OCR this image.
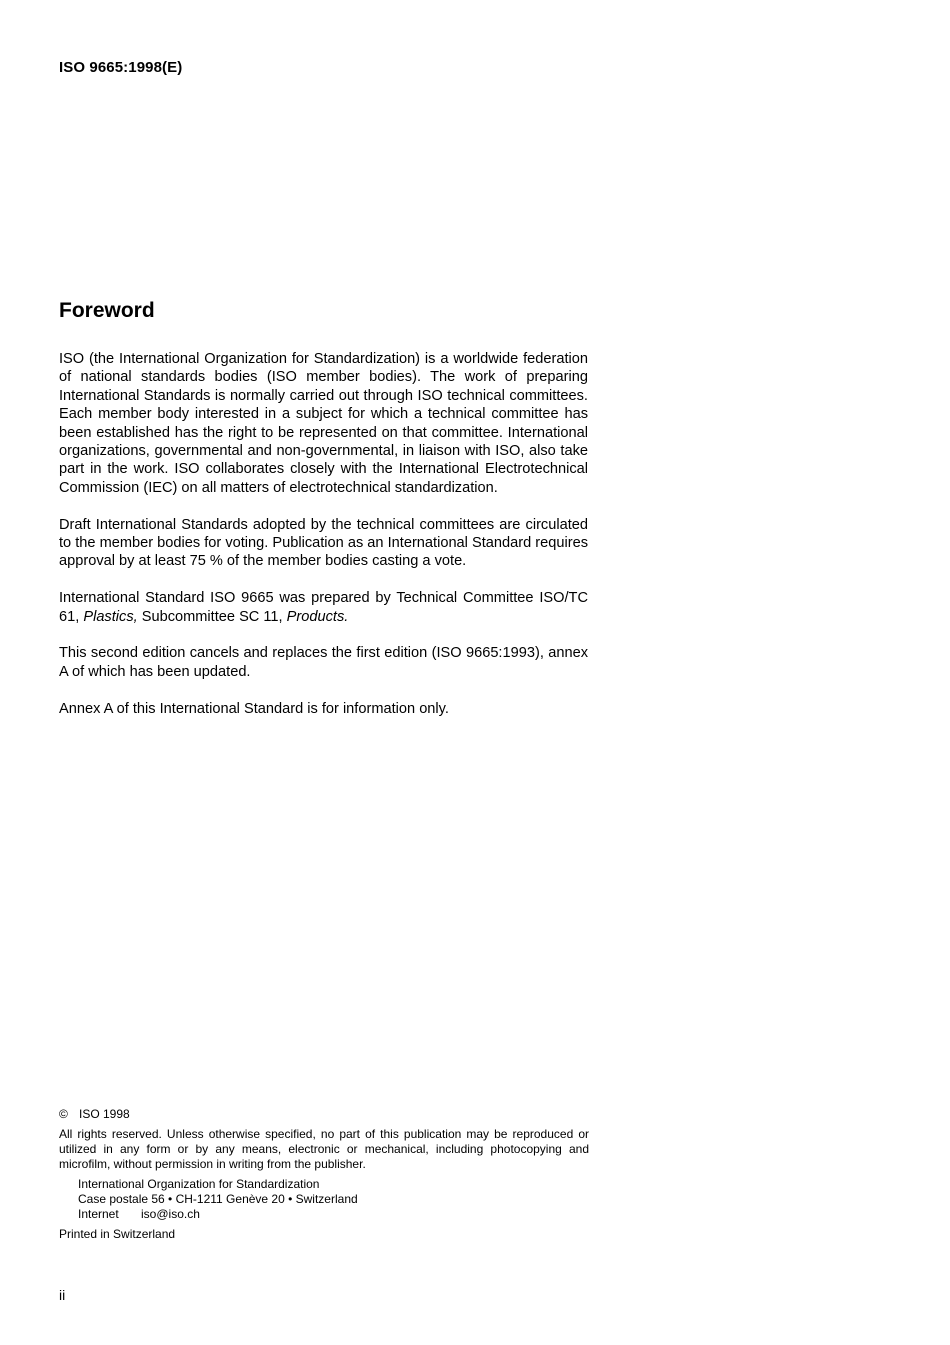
ISO 9665:1998(E)
Foreword

ISO (the International Organization for Standardization) is a worldwide federation of national standards bodies (ISO member bodies). The work of preparing International Standards is normally carried out through ISO technical committees. Each member body interested in a subject for which a technical committee has been established has the right to be represented on that committee. International organizations, governmental and non-governmental, in liaison with ISO, also take part in the work. ISO collaborates closely with the International Electrotechnical Commission (IEC) on all matters of electrotechnical standardization.

Draft International Standards adopted by the technical committees are circulated to the member bodies for voting. Publication as an International Standard requires approval by at least 75 % of the member bodies casting a vote.

International Standard ISO 9665 was prepared by Technical Committee ISO/TC 61, Plastics, Subcommittee SC 11, Products.

This second edition cancels and replaces the first edition (ISO 9665:1993), annex A of which has been updated.

Annex A of this International Standard is for information only.

© ISO 1998
All rights reserved. Unless otherwise specified, no part of this publication may be reproduced or utilized in any form or by any means, electronic or mechanical, including photocopying and microfilm, without permission in writing from the publisher.
International Organization for Standardization
Case postale 56 • CH-1211 Genève 20 • Switzerland
Internet iso@iso.ch
Printed in Switzerland
ii
